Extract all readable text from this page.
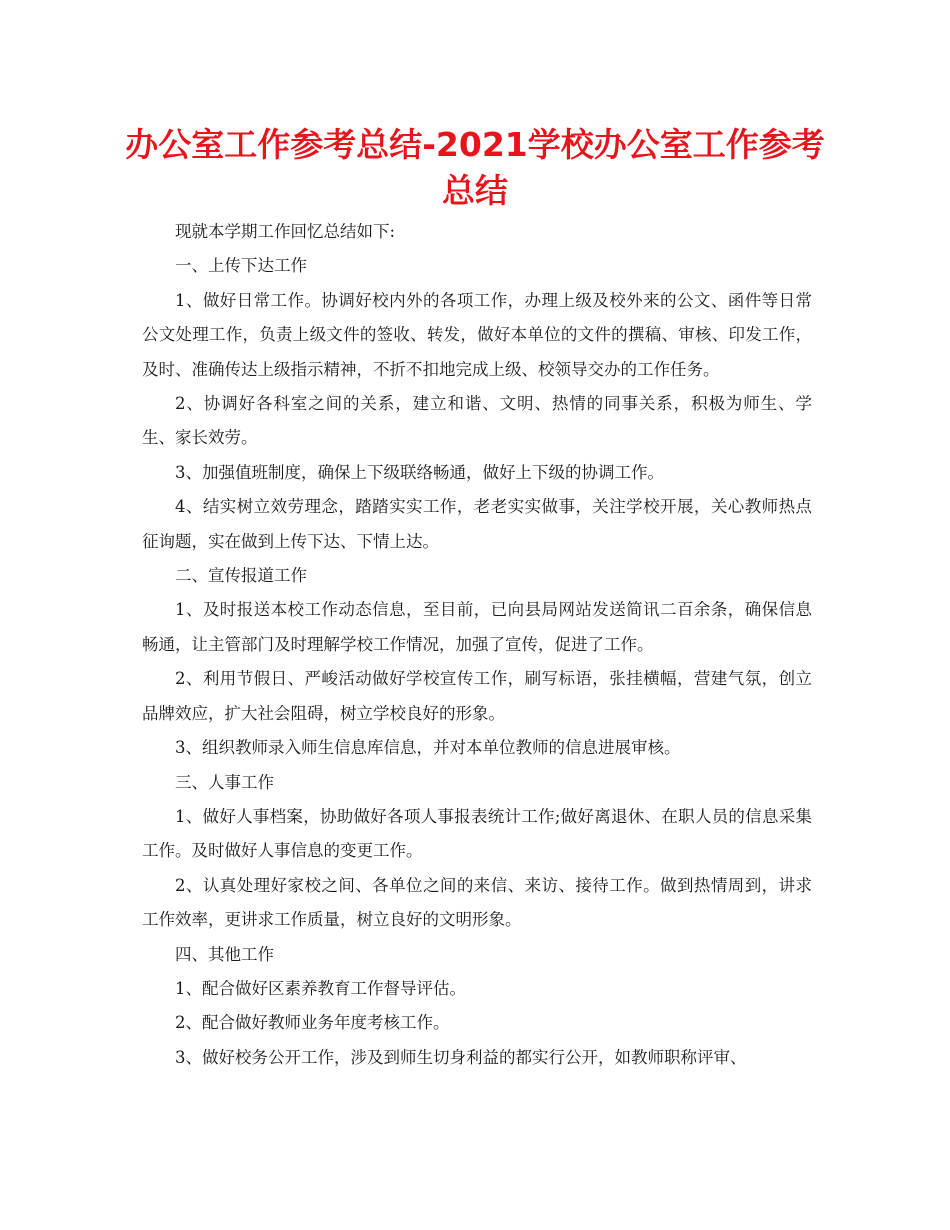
办公室工作参考总结-2021学校办公室工作参考总结

现就本学期工作回忆总结如下:

一、上传下达工作

1、做好日常工作。协调好校内外的各项工作，办理上级及校外来的公文、函件等日常公文处理工作，负责上级文件的签收、转发，做好本单位的文件的撰稿、审核、印发工作，及时、准确传达上级指示精神，不折不扣地完成上级、校领导交办的工作任务。

2、协调好各科室之间的关系，建立和谐、文明、热情的同事关系，积极为师生、学生、家长效劳。

3、加强值班制度，确保上下级联络畅通，做好上下级的协调工作。

4、结实树立效劳理念，踏踏实实工作，老老实实做事，关注学校开展，关心教师热点征询题，实在做到上传下达、下情上达。

二、宣传报道工作

1、及时报送本校工作动态信息，至目前，已向县局网站发送简讯二百余条，确保信息畅通，让主管部门及时理解学校工作情况，加强了宣传，促进了工作。

2、利用节假日、严峻活动做好学校宣传工作，刷写标语，张挂横幅，营建气氛，创立品牌效应，扩大社会阻碍，树立学校良好的形象。

3、组织教师录入师生信息库信息，并对本单位教师的信息进展审核。

三、人事工作

1、做好人事档案，协助做好各项人事报表统计工作;做好离退休、在职人员的信息采集工作。及时做好人事信息的变更工作。

2、认真处理好家校之间、各单位之间的来信、来访、接待工作。做到热情周到，讲求工作效率，更讲求工作质量，树立良好的文明形象。

四、其他工作

1、配合做好区素养教育工作督导评估。

2、配合做好教师业务年度考核工作。

3、做好校务公开工作，涉及到师生切身利益的都实行公开，如教师职称评审、
